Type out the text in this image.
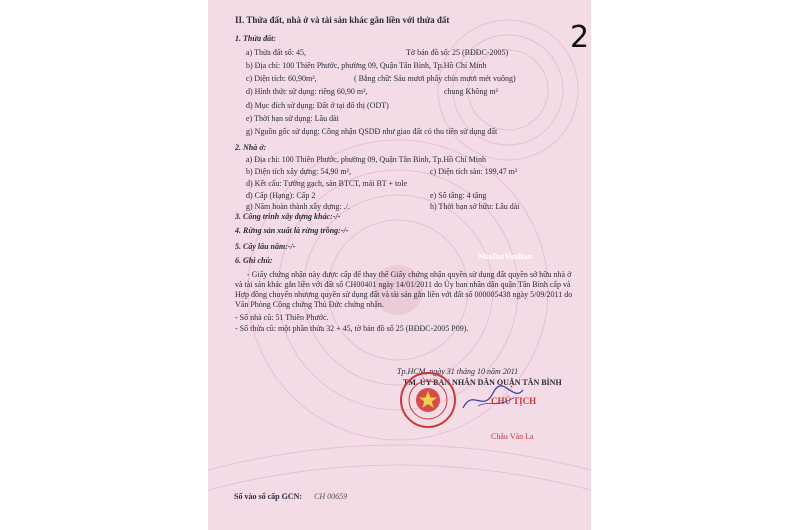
II. Thửa đất, nhà ở và tài sản khác gắn liền với thửa đất
1. Thửa đất:
a) Thửa đất số: 45,	Tờ bản đồ số: 25 (BĐĐC-2005)
b) Địa chỉ: 100 Thiên Phước, phường 09, Quận Tân Bình, Tp.Hồ Chí Minh
c) Diện tích: 60,90m²,	( Bằng chữ: Sáu mươi phẩy chín mươi mét vuông)
d) Hình thức sử dụng: riêng 60,90 m²,	chung Không m²
đ) Mục đích sử dụng: Đất ở tại đô thị (ODT)
e) Thời hạn sử dụng: Lâu dài
g) Nguồn gốc sử dụng: Công nhận QSDĐ như giao đất có thu tiền sử dụng đất
2. Nhà ở:
a) Địa chỉ: 100 Thiên Phước, phường 09, Quận Tân Bình, Tp.Hồ Chí Minh
b) Diện tích xây dựng: 54,90 m²,	c) Diện tích sàn: 199,47 m²
d) Kết cấu: Tường gạch, sàn BTCT, mái BT + tole
đ) Cấp (Hạng): Cấp 2	e) Số tầng: 4 tầng
g) Năm hoàn thành xây dựng: ./.	h) Thời hạn sở hữu: Lâu dài
3. Công trình xây dựng khác:-/-
4. Rừng sản xuất là rừng trồng:-/-
5. Cây lâu năm:-/-
6. Ghi chú:
- Giấy chứng nhận này được cấp để thay thế Giấy chứng nhận quyền sử dụng đất quyền sở hữu nhà ở và tài sản khác gắn liền với đất số CH00401 ngày 14/01/2011 do Ủy ban nhân dân quận Tân Bình cấp và Hợp đồng chuyển nhượng quyền sử dụng đất và tài sản gắn liền với đất số 000005438 ngày 5/09/2011 do Văn Phòng Công chứng Thủ Đức chứng nhận.
- Số nhà cũ: 51 Thiên Phước.
- Số thửa cũ: một phần thửa 32 + 45, tờ bản đồ số 25 (BĐĐC-2005 P09).
Tp.HCM, ngày 31 tháng 10 năm 2011
TM. ỦY BAN NHÂN DÂN QUẬN TÂN BÌNH
CHỦ TỊCH
Châu Văn La
Số vào sổ cấp GCN: CH 00659
NhaDatVuaBan
2
